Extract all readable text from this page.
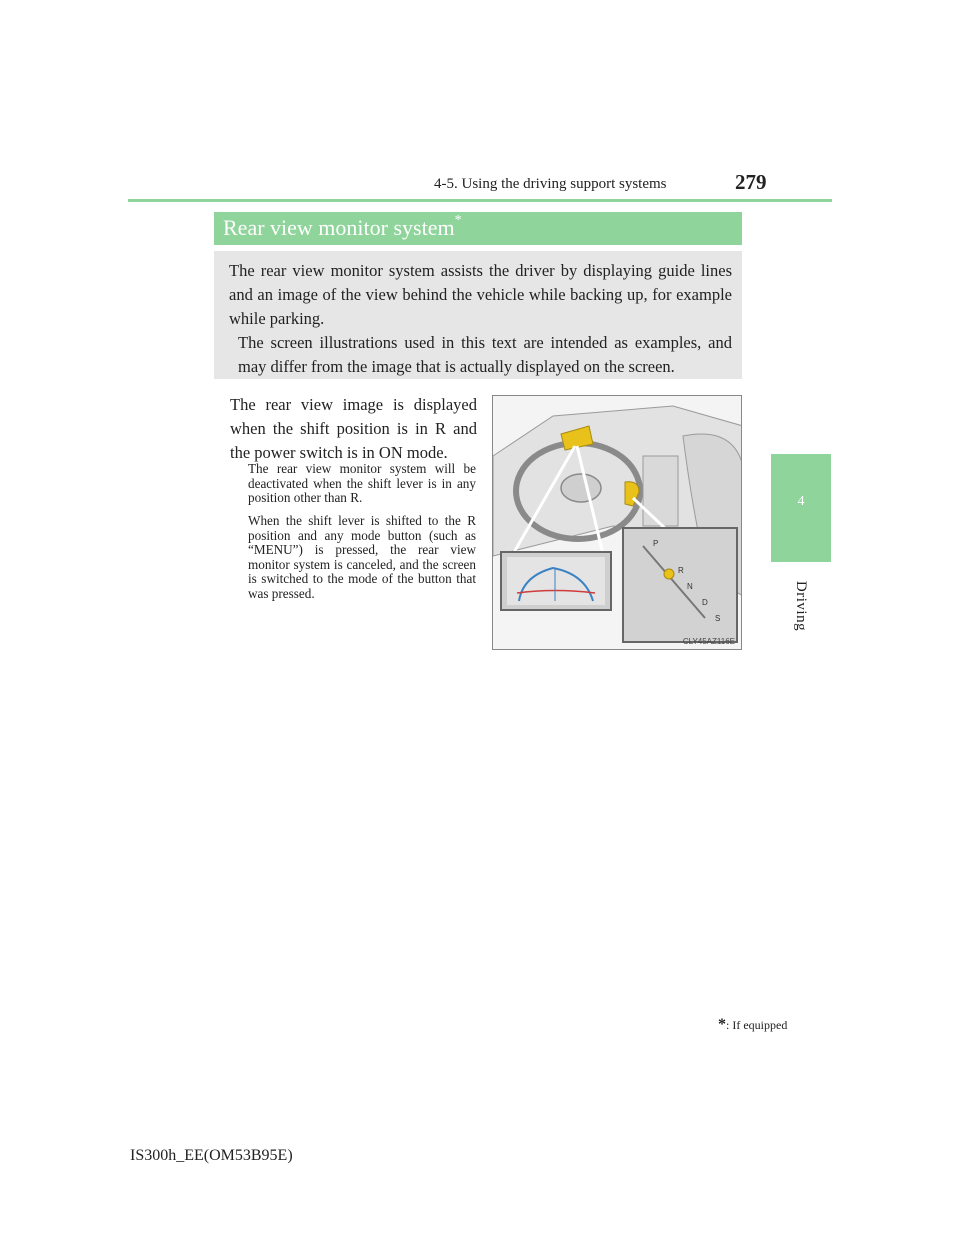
4-5. Using the driving support systems	279
4
Driving
Rear view monitor system*

The rear view monitor system assists the driver by displaying guide lines and an image of the view behind the vehicle while backing up, for example while parking.

The screen illustrations used in this text are intended as examples, and may differ from the image that is actually displayed on the screen.

The rear view image is displayed when the shift position is in R and the power switch is in ON mode.

The rear view monitor system will be deactivated when the shift lever is in any position other than R.

When the shift lever is shifted to the R position and any mode button (such as “MENU”) is pressed, the rear view monitor system is canceled, and the screen is switched to the mode of the button that was pressed.

P
R
N
D
S
CLY45AZ116E
*: If equipped
IS300h_EE(OM53B95E)
